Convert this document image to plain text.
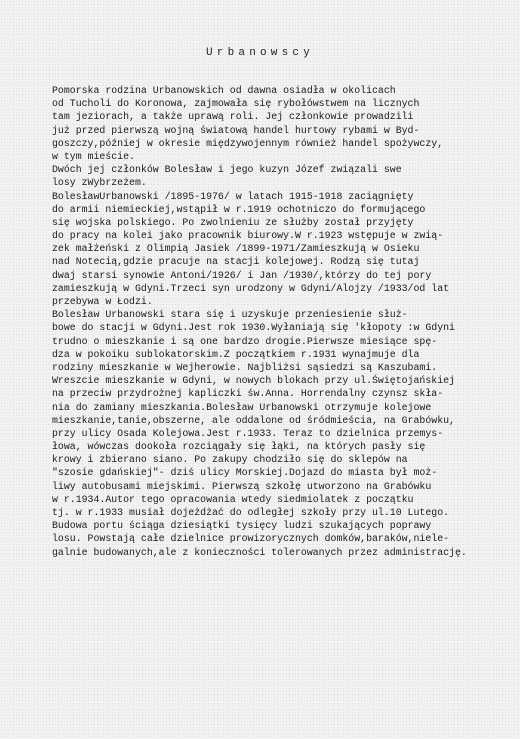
Urbanowscy
Pomorska rodzina Urbanowskich od dawna osiadła w okolicach
od Tucholi do Koronowa, zajmowała się rybołówstwem na licznych
tam jeziorach, a także uprawą roli. Jej członkowie prowadzili
już przed pierwszą wojną światową handel hurtowy rybami w Byd-
goszczy,później w okresie międzywojennym również handel spożywczy,
w tym mieście.
Dwóch jej członków Bolesław i jego kuzyn Józef związali swe
losy zWybrzeżem.
BolesławUrbanowski /1895-1976/ w latach 1915-1918 zaciągnięty
do armii niemieckiej,wstąpił w r.1919 ochotniczo do formującego
się wojska polskiego. Po zwolnieniu ze służby został przyjęty
do pracy na kolei jako pracownik biurowy.W r.1923 wstępuje w zwią-
zek małżeński z Olimpią Jasiek /1899-1971/Zamieszkują w Osieku
nad Notecią,gdzie pracuje na stacji kolejowej. Rodzą się tutaj
dwaj starsi synowie Antoni/1926/ i Jan /1930/,którzy do tej pory
zamieszkują w Gdyni.Trzeci syn urodzony w Gdyni/Alojzy /1933/od lat
przebywa w Łodzi.
Bolesław Urbanowski stara się i uzyskuje przeniesienie służ-
bowe do stacji w Gdyni.Jest rok 1930.Wyłaniają się 'kłopoty :w Gdyni
trudno o mieszkanie i są one bardzo drogie.Pierwsze miesiące spę-
dza w pokoiku sublokatorskim.Z początkiem r.1931 wynajmuje dla
rodziny mieszkanie w Wejherowie. Najbliżsi sąsiedzi są Kaszubami.
Wreszcie mieszkanie w Gdyni, w nowych blokach przy ul.Świętojańskiej
na przeciw przydrożnej kapliczki św.Anna. Horrendalny czynsz skła-
nia do zamiany mieszkania.Bolesław Urbanowski otrzymuje kolejowe
mieszkanie,tanie,obszerne, ale oddalone od śródmieścia, na Grabówku,
przy ulicy Osada Kolejowa.Jest r.1933. Teraz to dzielnica przemys-
łowa, wówczas dookoła rozciągały się łąki, na których pasły się
krowy i zbierano siano. Po zakupy chodziło się do sklepów na
"szosie gdańskiej"- dziś ulicy Morskiej.Dojazd do miasta był moż-
liwy autobusami miejskimi. Pierwszą szkołę utworzono na Grabówku
w r.1934.Autor tego opracowania wtedy siedmiolatek z początku
tj. w r.1933 musiał dojeżdżać do odległej szkoły przy ul.10 Lutego.
Budowa portu ściąga dziesiątki tysięcy ludzi szukających poprawy
losu. Powstają całe dzielnice prowizorycznych domków,baraków,niele-
galnie budowanych,ale z konieczności tolerowanych przez administrację.
